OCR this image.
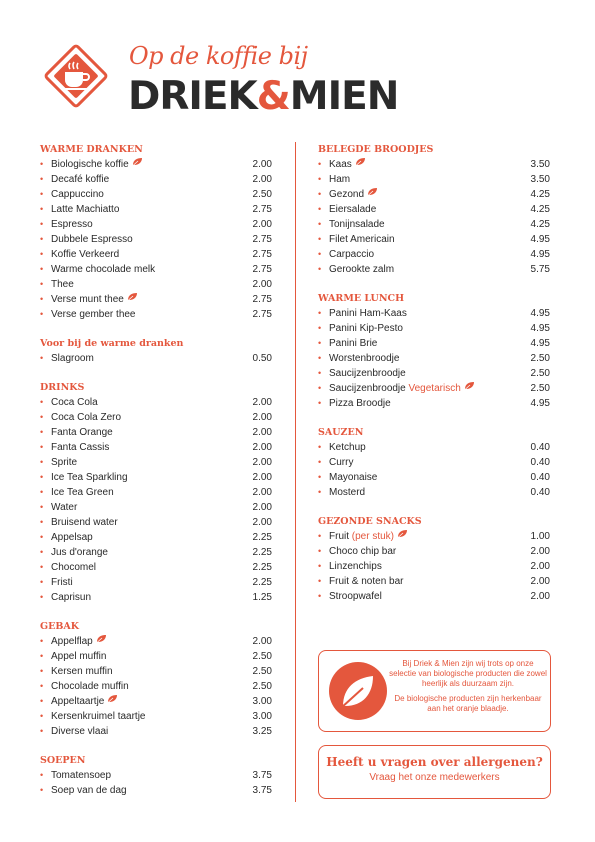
Op de koffie bij
DRIEK&MIEN
WARME DRANKEN
• Biologische koffie	2.00
• Decafé koffie	2.00
• Cappuccino	2.50
• Latte Machiatto	2.75
• Espresso	2.00
• Dubbele Espresso	2.75
• Koffie Verkeerd	2.75
• Warme chocolade melk	2.75
• Thee	2.00
• Verse munt thee	2.75
• Verse gember thee	2.75
Voor bij de warme dranken
• Slagroom	0.50
DRINKS
• Coca Cola	2.00
• Coca Cola Zero	2.00
• Fanta Orange	2.00
• Fanta Cassis	2.00
• Sprite	2.00
• Ice Tea Sparkling	2.00
• Ice Tea Green	2.00
• Water	2.00
• Bruisend water	2.00
• Appelsap	2.25
• Jus d'orange	2.25
• Chocomel	2.25
• Fristi	2.25
• Caprisun	1.25
GEBAK
• Appelflap	2.00
• Appel muffin	2.50
• Kersen muffin	2.50
• Chocolade muffin	2.50
• Appeltaartje	3.00
• Kersenkruimel taartje	3.00
• Diverse vlaai	3.25
SOEPEN
• Tomatensoep	3.75
• Soep van de dag	3.75
BELEGDE BROODJES
• Kaas	3.50
• Ham	3.50
• Gezond	4.25
• Eiersalade	4.25
• Tonijnsalade	4.25
• Filet Americain	4.95
• Carpaccio	4.95
• Gerookte zalm	5.75
WARME LUNCH
• Panini Ham-Kaas	4.95
• Panini Kip-Pesto	4.95
• Panini Brie	4.95
• Worstenbroodje	2.50
• Saucijzenbroodje	2.50
• Saucijzenbroodje Vegetarisch	2.50
• Pizza Broodje	4.95
SAUZEN
• Ketchup	0.40
• Curry	0.40
• Mayonaise	0.40
• Mosterd	0.40
GEZONDE SNACKS
• Fruit (per stuk)	1.00
• Choco chip bar	2.00
• Linzenchips	2.00
• Fruit & noten bar	2.00
• Stroopwafel	2.00

Bij Driek & Mien zijn wij trots op onze selectie van biologische producten die zowel heerlijk als duurzaam zijn.

De biologische producten zijn herkenbaar aan het oranje blaadje.

Heeft u vragen over allergenen?
Vraag het onze medewerkers
